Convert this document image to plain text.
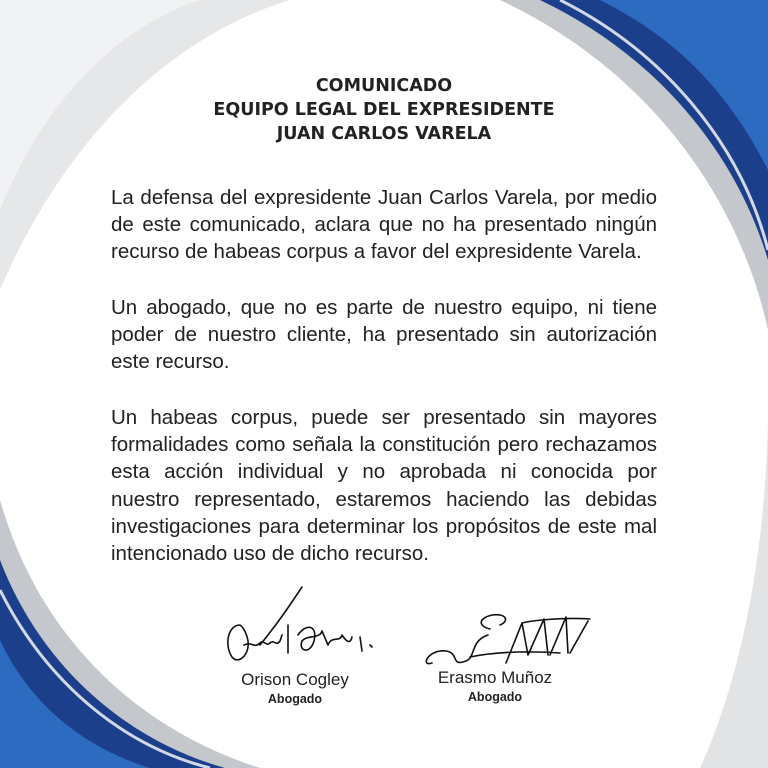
COMUNICADO
EQUIPO LEGAL DEL EXPRESIDENTE
JUAN CARLOS VARELA
La defensa del expresidente Juan Carlos Varela, por medio de este comunicado, aclara que no ha presentado ningún recurso de habeas corpus a favor del expresidente Varela.
Un abogado, que no es parte de nuestro equipo, ni tiene poder de nuestro cliente, ha presentado sin autorización este recurso.
Un habeas corpus, puede ser presentado sin mayores formalidades como señala la constitución pero rechazamos esta acción individual y no aprobada ni conocida por nuestro representado, estaremos haciendo las debidas investigaciones para determinar los propósitos de este mal intencionado uso de dicho recurso.
Orison Cogley
Abogado
Erasmo Muñoz
Abogado
